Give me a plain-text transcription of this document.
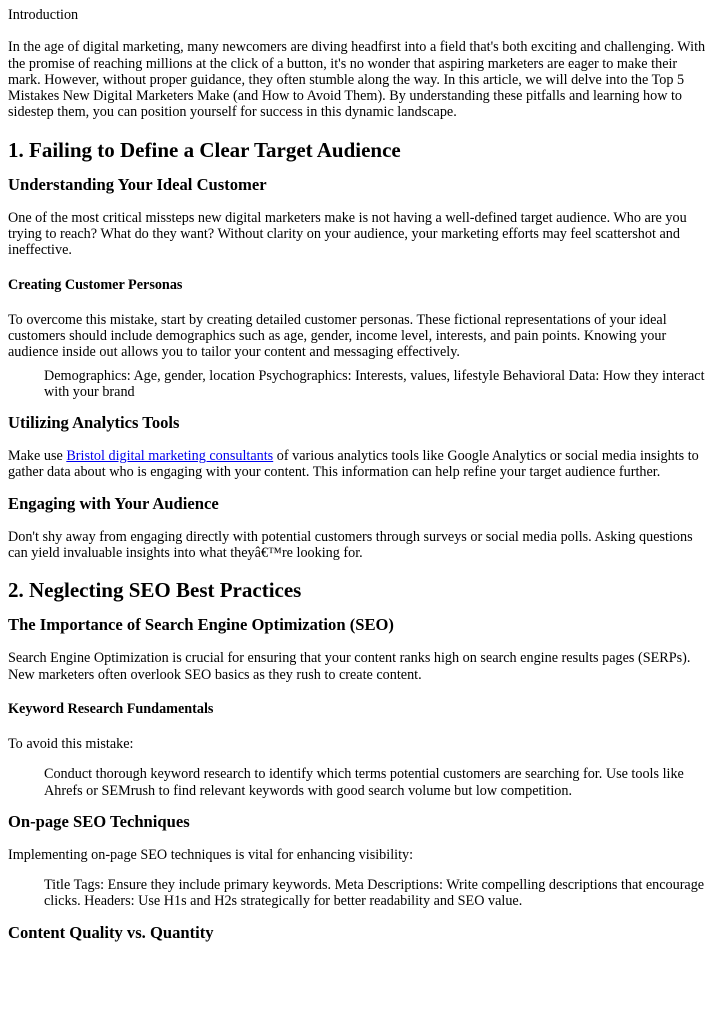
Introduction

In the age of digital marketing, many newcomers are diving headfirst into a field that's both exciting and challenging. With the promise of reaching millions at the click of a button, it's no wonder that aspiring marketers are eager to make their mark. However, without proper guidance, they often stumble along the way. In this article, we will delve into the Top 5 Mistakes New Digital Marketers Make (and How to Avoid Them). By understanding these pitfalls and learning how to sidestep them, you can position yourself for success in this dynamic landscape.

1. Failing to Define a Clear Target Audience
Understanding Your Ideal Customer

One of the most critical missteps new digital marketers make is not having a well-defined target audience. Who are you trying to reach? What do they want? Without clarity on your audience, your marketing efforts may feel scattershot and ineffective.

Creating Customer Personas

To overcome this mistake, start by creating detailed customer personas. These fictional representations of your ideal customers should include demographics such as age, gender, income level, interests, and pain points. Knowing your audience inside out allows you to tailor your content and messaging effectively.

Demographics: Age, gender, location Psychographics: Interests, values, lifestyle Behavioral Data: How they interact with your brand
Utilizing Analytics Tools

Make use Bristol digital marketing consultants of various analytics tools like Google Analytics or social media insights to gather data about who is engaging with your content. This information can help refine your target audience further.

Engaging with Your Audience

Don't shy away from engaging directly with potential customers through surveys or social media polls. Asking questions can yield invaluable insights into what theyâ€™re looking for.

2. Neglecting SEO Best Practices
The Importance of Search Engine Optimization (SEO)

Search Engine Optimization is crucial for ensuring that your content ranks high on search engine results pages (SERPs). New marketers often overlook SEO basics as they rush to create content.

Keyword Research Fundamentals

To avoid this mistake:

Conduct thorough keyword research to identify which terms potential customers are searching for. Use tools like Ahrefs or SEMrush to find relevant keywords with good search volume but low competition.
On-page SEO Techniques

Implementing on-page SEO techniques is vital for enhancing visibility:

Title Tags: Ensure they include primary keywords. Meta Descriptions: Write compelling descriptions that encourage clicks. Headers: Use H1s and H2s strategically for better readability and SEO value.
Content Quality vs. Quantity
